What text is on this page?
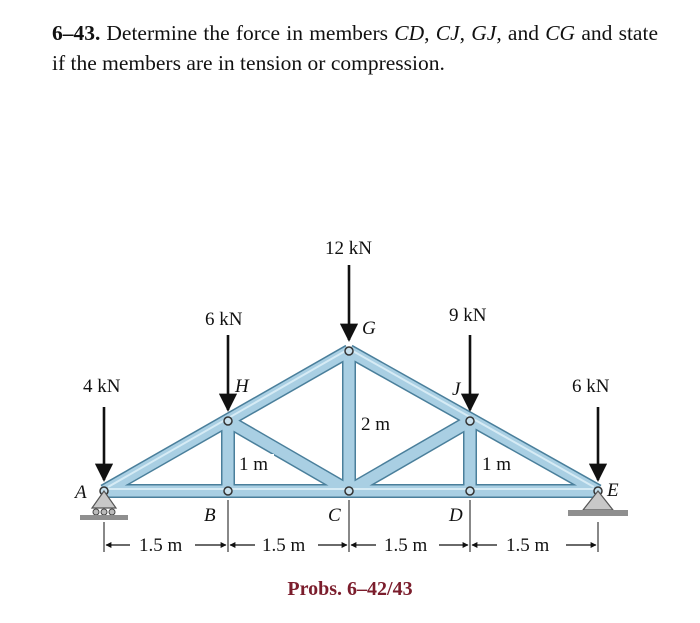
6–43. Determine the force in members CD, CJ, GJ, and CG and state if the members are in tension or compression.
4 kN
6 kN
12 kN
9 kN
6 kN
A
B	C	D
E
G
H	J
1 m	1 m
2 m
1.5 m	1.5 m	1.5 m	1.5 m
Probs. 6–42/43
